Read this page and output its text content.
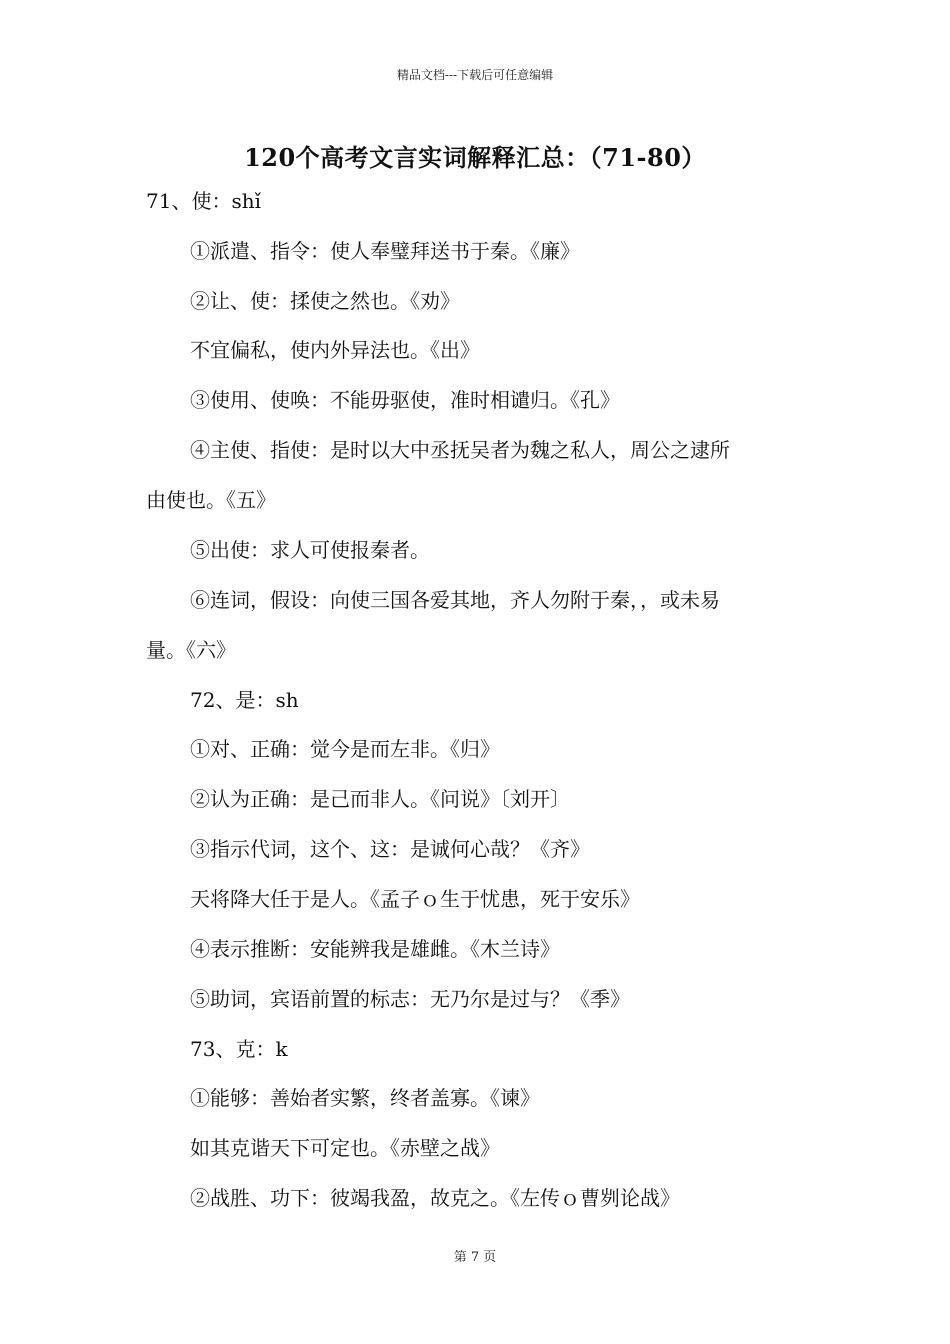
精品文档---下载后可任意编辑
120个高考文言实词解释汇总：（71-80）
71、使：shǐ
①派遣、指令：使人奉璧拜送书于秦。《廉》
②让、使：揉使之然也。《劝》
不宜偏私，使内外异法也。《出》
③使用、使唤：不能毋驱使，准时相谴归。《孔》
④主使、指使：是时以大中丞抚吴者为魏之私人，周公之逮所
由使也。《五》
⑤出使：求人可使报秦者。
⑥连词，假设：向使三国各爱其地，齐人勿附于秦，，或未易
量。《六》
72、是：sh
①对、正确：觉今是而左非。《归》
②认为正确：是己而非人。《问说》〔刘开〕
③指示代词，这个、这：是诚何心哉？《齐》
天将降大任于是人。《孟子ｏ生于忧患，死于安乐》
④表示推断：安能辨我是雄雌。《木兰诗》
⑤助词，宾语前置的标志：无乃尔是过与？《季》
73、克：k
①能够：善始者实繁，终者盖寡。《谏》
如其克谐天下可定也。《赤壁之战》
②战胜、功下：彼竭我盈，故克之。《左传ｏ曹刿论战》
第 7 页
